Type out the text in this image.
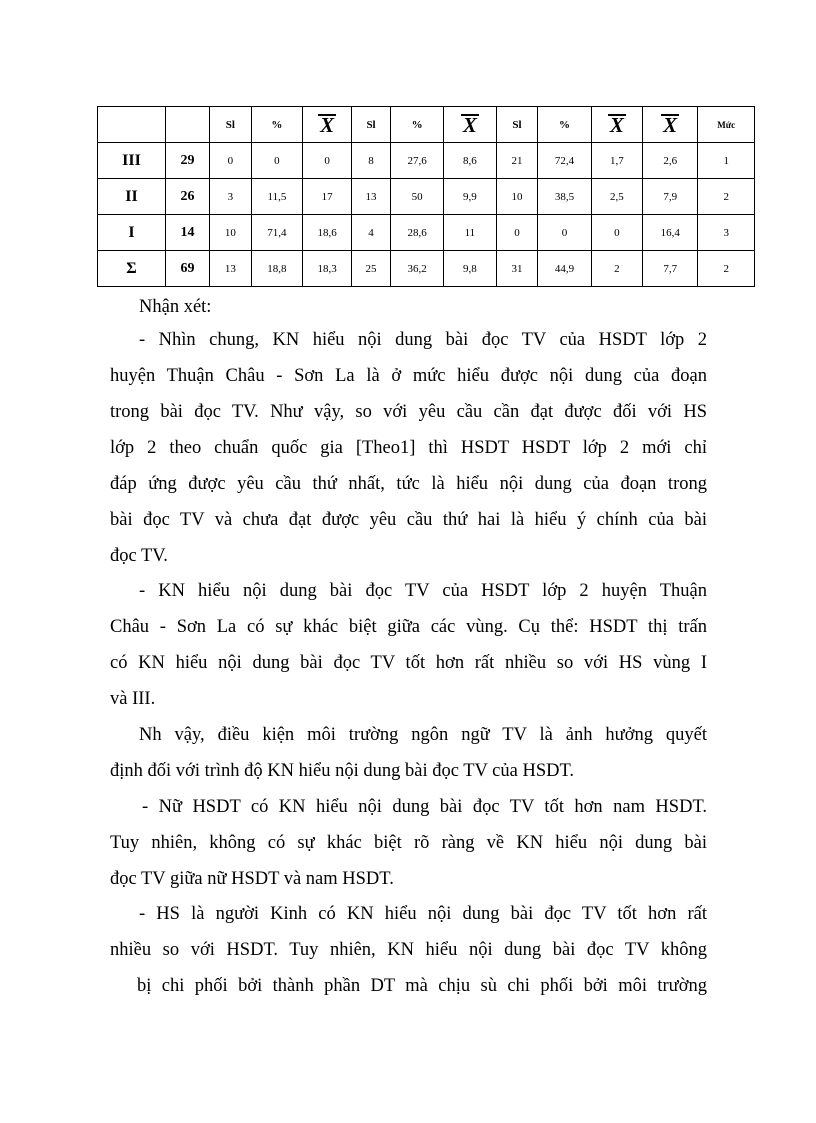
		Sl	%	X	Sl	%	X	Sl	%	X	X	Mức
III	29	0	0	0	8	27,6	8,6	21	72,4	1,7	2,6	1
II	26	3	11,5	17	13	50	9,9	10	38,5	2,5	7,9	2
I	14	10	71,4	18,6	4	28,6	11	0	0	0	16,4	3
Σ	69	13	18,8	18,3	25	36,2	9,8	31	44,9	2	7,7	2
Nhận xét:
- Nhìn chung, KN hiểu nội dung bài đọc TV của HSDT lớp 2
huyện Thuận Châu - Sơn La là ở mức hiểu được nội dung của đoạn
trong bài đọc TV. Như vậy, so với yêu cầu cần đạt được đối với HS
lớp 2 theo chuẩn quốc gia [Theo1] thì HSDT HSDT lớp 2 mới chỉ
đáp ứng được yêu cầu thứ nhất, tức là hiểu nội dung của đoạn trong
bài đọc TV và chưa đạt được yêu cầu thứ hai là hiểu ý chính của bài
đọc TV.
- KN hiểu nội dung bài đọc TV của HSDT lớp 2 huyện Thuận
Châu - Sơn La có sự khác biệt giữa các vùng. Cụ thể: HSDT thị trấn
có KN hiểu nội dung bài đọc TV tốt hơn rất nhiều so với HS vùng I
và III.
Nh vậy, điều kiện môi trường ngôn ngữ TV là ảnh hưởng quyết
định đối với trình độ KN hiểu nội dung bài đọc TV của HSDT.
- Nữ HSDT có KN hiểu nội dung bài đọc TV tốt hơn nam HSDT.
Tuy nhiên, không có sự khác biệt rõ ràng về KN hiểu nội dung bài
đọc TV giữa nữ HSDT và nam HSDT.
- HS là người Kinh có KN hiểu nội dung bài đọc TV tốt hơn rất
nhiều so với HSDT. Tuy nhiên, KN hiểu nội dung bài đọc TV không
bị chi phối bởi thành phần DT mà chịu sù chi phối bởi môi trường
